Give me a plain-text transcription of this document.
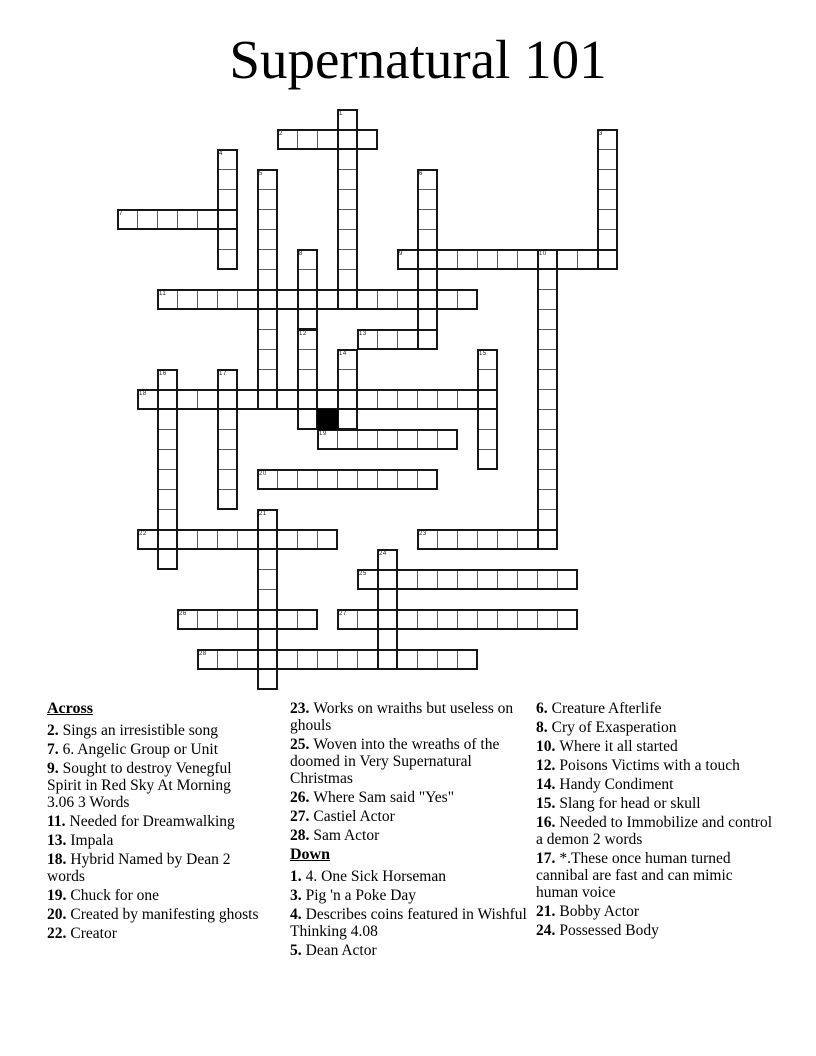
Supernatural 101
1
2	3
4
5	6
7
8	9	10
11
12	13
14	15
16	17
18
19
20
21
22	23
24
25
26	27
28
Across
2. Sings an irresistible song
7. 6. Angelic Group or Unit
9. Sought to destroy Venegful Spirit in Red Sky At Morning 3.06 3 Words
11. Needed for Dreamwalking
13. Impala
18. Hybrid Named by Dean 2 words
19. Chuck for one
20. Created by manifesting ghosts
22. Creator
23. Works on wraiths but useless on ghouls
25. Woven into the wreaths of the doomed in Very Supernatural Christmas
26. Where Sam said "Yes"
27. Castiel Actor
28. Sam Actor
Down
1. 4. One Sick Horseman
3. Pig 'n a Poke Day
4. Describes coins featured in Wishful Thinking 4.08
5. Dean Actor
6. Creature Afterlife
8. Cry of Exasperation
10. Where it all started
12. Poisons Victims with a touch
14. Handy Condiment
15. Slang for head or skull
16. Needed to Immobilize and control a demon 2 words
17. *.These once human turned cannibal are fast and can mimic human voice
21. Bobby Actor
24. Possessed Body
